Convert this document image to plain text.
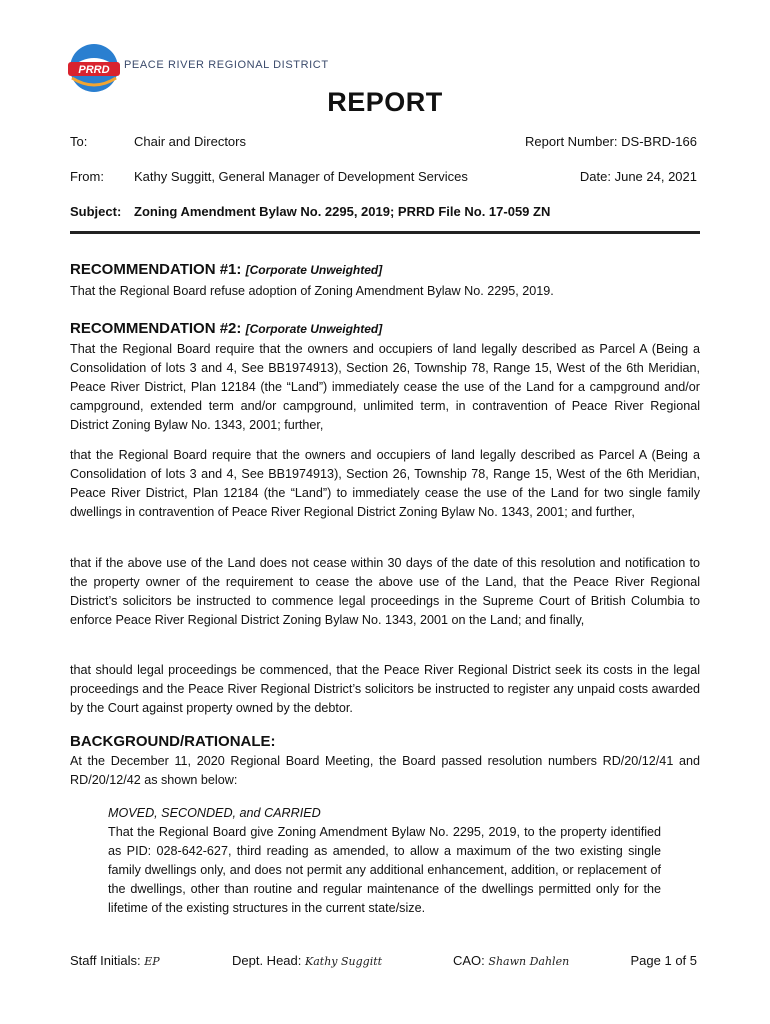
PRRD PEACE RIVER REGIONAL DISTRICT
REPORT
To:	Chair and Directors	Report Number: DS-BRD-166
From: Kathy Suggitt, General Manager of Development Services	Date: June 24, 2021
Subject: Zoning Amendment Bylaw No. 2295, 2019; PRRD File No. 17-059 ZN
RECOMMENDATION #1: [Corporate Unweighted]
That the Regional Board refuse adoption of Zoning Amendment Bylaw No. 2295, 2019.
RECOMMENDATION #2: [Corporate Unweighted]
That the Regional Board require that the owners and occupiers of land legally described as Parcel A (Being a Consolidation of lots 3 and 4, See BB1974913), Section 26, Township 78, Range 15, West of the 6th Meridian, Peace River District, Plan 12184 (the “Land”) immediately cease the use of the Land for a campground and/or campground, extended term and/or campground, unlimited term, in contravention of Peace River Regional District Zoning Bylaw No. 1343, 2001; further,
that the Regional Board require that the owners and occupiers of land legally described as Parcel A (Being a Consolidation of lots 3 and 4, See BB1974913), Section 26, Township 78, Range 15, West of the 6th Meridian, Peace River District, Plan 12184 (the “Land”) to immediately cease the use of the Land for two single family dwellings in contravention of Peace River Regional District Zoning Bylaw No. 1343, 2001; and further,
that if the above use of the Land does not cease within 30 days of the date of this resolution and notification to the property owner of the requirement to cease the above use of the Land, that the Peace River Regional District’s solicitors be instructed to commence legal proceedings in the Supreme Court of British Columbia to enforce Peace River Regional District Zoning Bylaw No. 1343, 2001 on the Land; and finally,
that should legal proceedings be commenced, that the Peace River Regional District seek its costs in the legal proceedings and the Peace River Regional District’s solicitors be instructed to register any unpaid costs awarded by the Court against property owned by the debtor.
BACKGROUND/RATIONALE:
At the December 11, 2020 Regional Board Meeting, the Board passed resolution numbers RD/20/12/41 and RD/20/12/42 as shown below:
MOVED, SECONDED, and CARRIED
That the Regional Board give Zoning Amendment Bylaw No. 2295, 2019, to the property identified as PID: 028-642-627, third reading as amended, to allow a maximum of the two existing single family dwellings only, and does not permit any additional enhancement, addition, or replacement of the dwellings, other than routine and regular maintenance of the dwellings permitted only for the lifetime of the existing structures in the current state/size.
Staff Initials: EP	Dept. Head: Kathy Suggitt	CAO: Shawn Dahlen	Page 1 of 5
